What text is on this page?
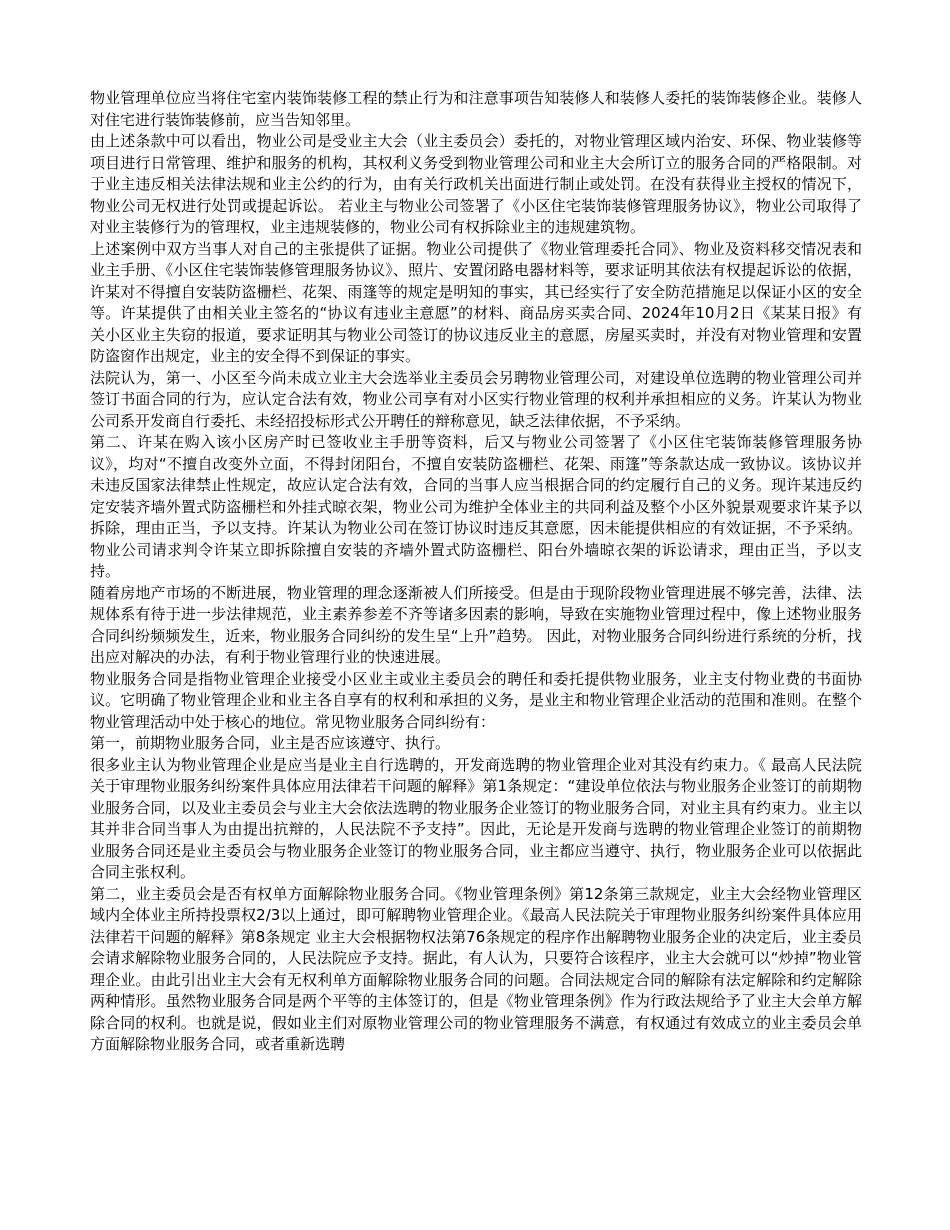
物业管理单位应当将住宅室内装饰装修工程的禁止行为和注意事项告知装修人和装修人委托的装饰装修企业。装修人对住宅进行装饰装修前，应当告知邻里。

由上述条款中可以看出，物业公司是受业主大会（业主委员会）委托的，对物业管理区域内治安、环保、物业装修等项目进行日常管理、维护和服务的机构，其权利义务受到物业管理公司和业主大会所订立的服务合同的严格限制。对于业主违反相关法律法规和业主公约的行为，由有关行政机关出面进行制止或处罚。在没有获得业主授权的情况下，物业公司无权进行处罚或提起诉讼。 若业主与物业公司签署了《小区住宅装饰装修管理服务协议》，物业公司取得了对业主装修行为的管理权，业主违规装修的，物业公司有权拆除业主的违规建筑物。

上述案例中双方当事人对自己的主张提供了证据。物业公司提供了《物业管理委托合同》、物业及资料移交情况表和业主手册、《小区住宅装饰装修管理服务协议》、照片、安置闭路电器材料等，要求证明其依法有权提起诉讼的依据，许某对不得擅自安装防盗栅栏、花架、雨篷等的规定是明知的事实，其已经实行了安全防范措施足以保证小区的安全等。许某提供了由相关业主签名的“协议有违业主意愿”的材料、商品房买卖合同、2024年10月2日《某某日报》有关小区业主失窃的报道，要求证明其与物业公司签订的协议违反业主的意愿，房屋买卖时，并没有对物业管理和安置防盗窗作出规定，业主的安全得不到保证的事实。

法院认为，第一、小区至今尚未成立业主大会选举业主委员会另聘物业管理公司，对建设单位选聘的物业管理公司并签订书面合同的行为，应认定合法有效，物业公司享有对小区实行物业管理的权利并承担相应的义务。许某认为物业公司系开发商自行委托、未经招投标形式公开聘任的辩称意见，缺乏法律依据，不予采纳。

第二、许某在购入该小区房产时已签收业主手册等资料，后又与物业公司签署了《小区住宅装饰装修管理服务协议》，均对“不擅自改变外立面，不得封闭阳台，不擅自安装防盗栅栏、花架、雨篷”等条款达成一致协议。该协议并未违反国家法律禁止性规定，故应认定合法有效，合同的当事人应当根据合同的约定履行自己的义务。现许某违反约定安装齐墙外置式防盗栅栏和外挂式晾衣架，物业公司为维护全体业主的共同利益及整个小区外貌景观要求许某予以拆除，理由正当，予以支持。许某认为物业公司在签订协议时违反其意愿，因未能提供相应的有效证据，不予采纳。物业公司请求判令许某立即拆除擅自安装的齐墙外置式防盗栅栏、阳台外墙晾衣架的诉讼请求，理由正当，予以支持。

随着房地产市场的不断进展，物业管理的理念逐渐被人们所接受。但是由于现阶段物业管理进展不够完善，法律、法规体系有待于进一步法律规范，业主素养参差不齐等诸多因素的影响，导致在实施物业管理过程中，像上述物业服务合同纠纷频频发生，近来，物业服务合同纠纷的发生呈“上升”趋势。 因此，对物业服务合同纠纷进行系统的分析，找出应对解决的办法，有利于物业管理行业的快速进展。

物业服务合同是指物业管理企业接受小区业主或业主委员会的聘任和委托提供物业服务，业主支付物业费的书面协议。它明确了物业管理企业和业主各自享有的权利和承担的义务，是业主和物业管理企业活动的范围和准则。在整个物业管理活动中处于核心的地位。常见物业服务合同纠纷有：

第一，前期物业服务合同，业主是否应该遵守、执行。

很多业主认为物业管理企业是应当是业主自行选聘的，开发商选聘的物业管理企业对其没有约束力。《 最高人民法院关于审理物业服务纠纷案件具体应用法律若干问题的解释》第1条规定：“建设单位依法与物业服务企业签订的前期物业服务合同，以及业主委员会与业主大会依法选聘的物业服务企业签订的物业服务合同，对业主具有约束力。业主以其并非合同当事人为由提出抗辩的，人民法院不予支持”。因此，无论是开发商与选聘的物业管理企业签订的前期物业服务合同还是业主委员会与物业服务企业签订的物业服务合同，业主都应当遵守、执行，物业服务企业可以依据此合同主张权利。

第二，业主委员会是否有权单方面解除物业服务合同。《物业管理条例》第12条第三款规定，业主大会经物业管理区域内全体业主所持投票权2/3以上通过，即可解聘物业管理企业。《最高人民法院关于审理物业服务纠纷案件具体应用法律若干问题的解释》第8条规定 业主大会根据物权法第76条规定的程序作出解聘物业服务企业的决定后，业主委员会请求解除物业服务合同的，人民法院应予支持。据此，有人认为，只要符合该程序，业主大会就可以“炒掉”物业管理企业。由此引出业主大会有无权利单方面解除物业服务合同的问题。合同法规定合同的解除有法定解除和约定解除两种情形。虽然物业服务合同是两个平等的主体签订的，但是《物业管理条例》作为行政法规给予了业主大会单方解除合同的权利。也就是说，假如业主们对原物业管理公司的物业管理服务不满意，有权通过有效成立的业主委员会单方面解除物业服务合同，或者重新选聘
